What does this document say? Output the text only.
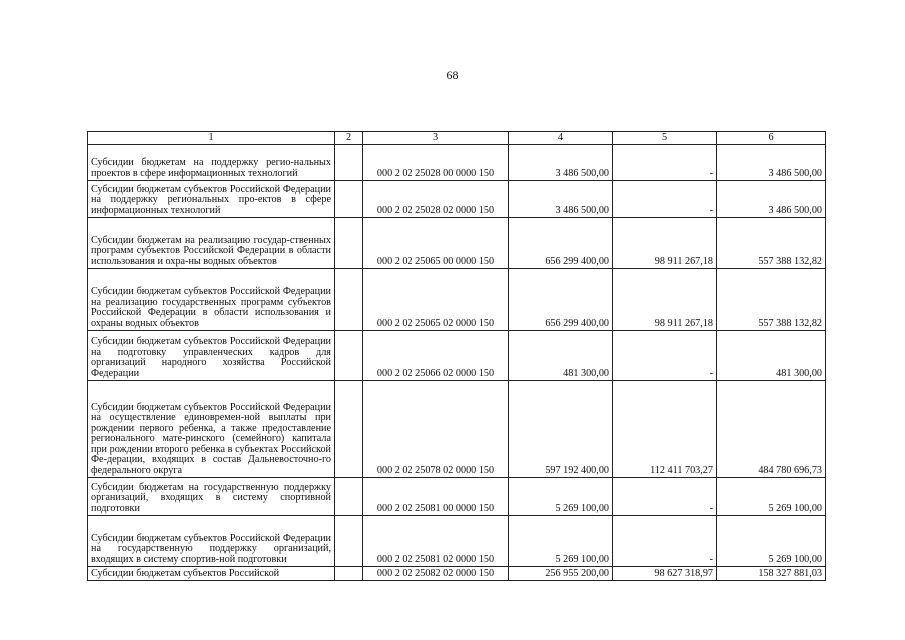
68
1	2	3	4	5	6
Субсидии бюджетам на поддержку регио-нальных проектов в сфере информационных технологий		000 2 02 25028 00 0000 150	3 486 500,00	-	3 486 500,00
Субсидии бюджетам субъектов Российской Федерации на поддержку региональных про-ектов в сфере информационных технологий		000 2 02 25028 02 0000 150	3 486 500,00	-	3 486 500,00
Субсидии бюджетам на реализацию государ-ственных программ субъектов Российской Федерации в области использования и охра-ны водных объектов		000 2 02 25065 00 0000 150	656 299 400,00	98 911 267,18	557 388 132,82
Субсидии бюджетам субъектов Российской Федерации на реализацию государственных программ субъектов Российской Федерации в области использования и охраны водных объектов		000 2 02 25065 02 0000 150	656 299 400,00	98 911 267,18	557 388 132,82
Субсидии бюджетам субъектов Российской Федерации на подготовку управленческих кадров для организаций народного хозяйства Российской Федерации		000 2 02 25066 02 0000 150	481 300,00	-	481 300,00
Субсидии бюджетам субъектов Российской Федерации на осуществление единовремен-ной выплаты при рождении первого ребенка, а также предоставление регионального мате-ринского (семейного) капитала при рождении второго ребенка в субъектах Российской Фе-дерации, входящих в состав Дальневосточно-го федерального округа		000 2 02 25078 02 0000 150	597 192 400,00	112 411 703,27	484 780 696,73
Субсидии бюджетам на государственную поддержку организаций, входящих в систему спортивной подготовки		000 2 02 25081 00 0000 150	5 269 100,00	-	5 269 100,00
Субсидии бюджетам субъектов Российской Федерации на государственную поддержку организаций, входящих в систему спортив-ной подготовки		000 2 02 25081 02 0000 150	5 269 100,00	-	5 269 100,00
Субсидии бюджетам субъектов Российской		000 2 02 25082 02 0000 150	256 955 200,00	98 627 318,97	158 327 881,03
